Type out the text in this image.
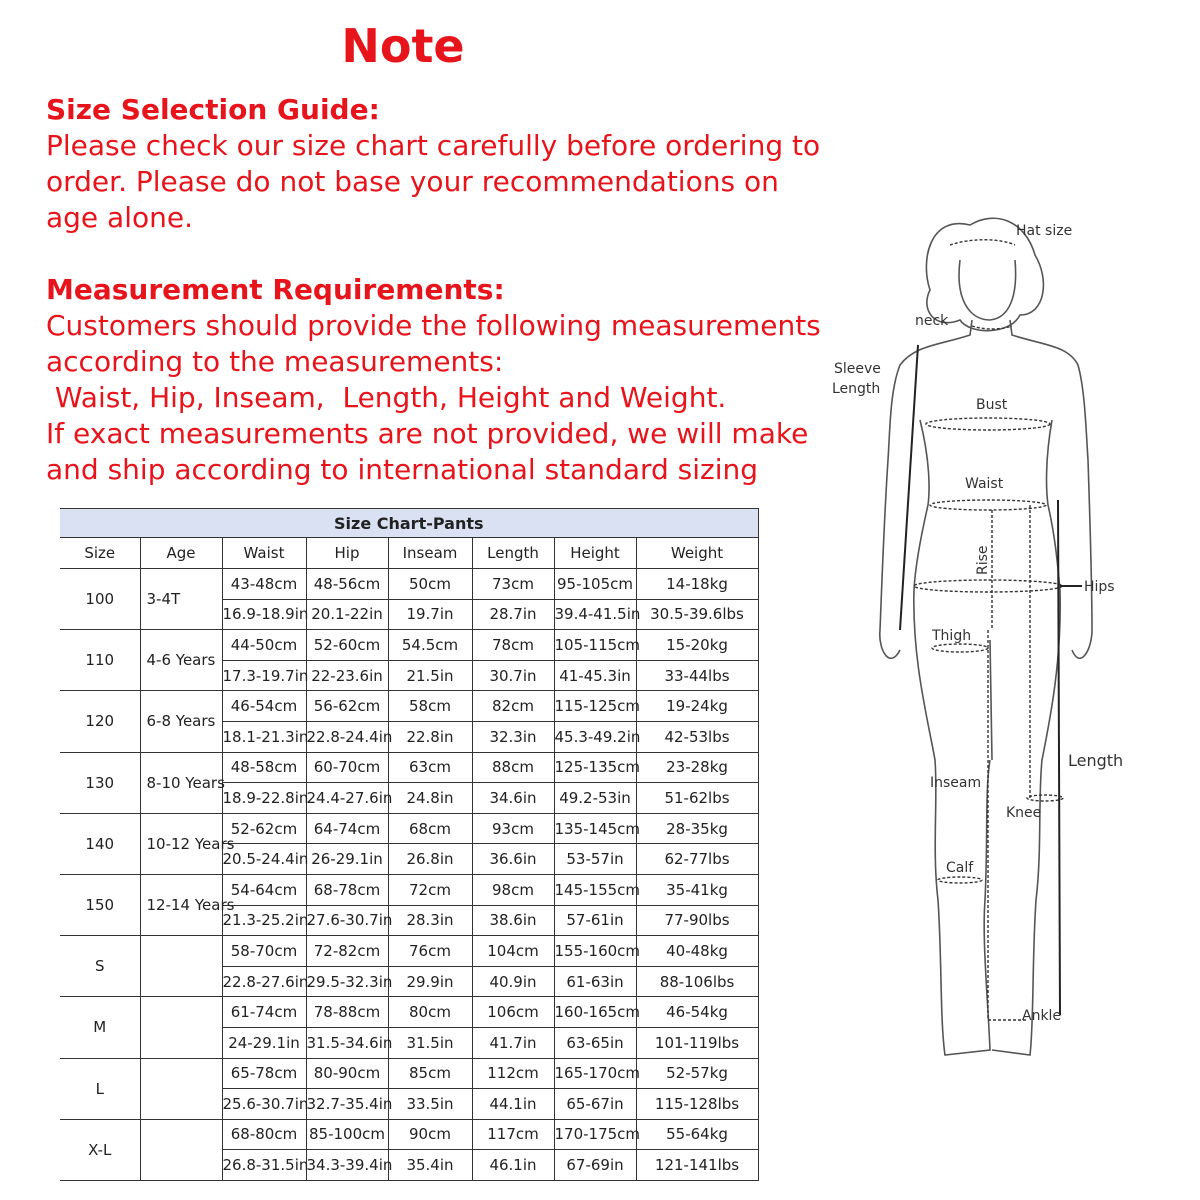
Note
Size Selection Guide:
Please check our size chart carefully before ordering to
order. Please do not base your recommendations on
age alone.
Measurement Requirements:
Customers should provide the following measurements
according to the measurements:
Waist, Hip, Inseam,  Length, Height and Weight.
If exact measurements are not provided, we will make
and ship according to international standard sizing
Size Chart-Pants							
Size	Age	Waist	Hip	Inseam	Length	Height	Weight
100	3-4T	43-48cm	48-56cm	50cm	73cm	95-105cm	14-18kg
		16.9-18.9in	20.1-22in	19.7in	28.7in	39.4-41.5in	30.5-39.6lbs
110	4-6 Years	44-50cm	52-60cm	54.5cm	78cm	105-115cm	15-20kg
		17.3-19.7in	22-23.6in	21.5in	30.7in	41-45.3in	33-44lbs
120	6-8 Years	46-54cm	56-62cm	58cm	82cm	115-125cm	19-24kg
		18.1-21.3in	22.8-24.4in	22.8in	32.3in	45.3-49.2in	42-53lbs
130	8-10 Years	48-58cm	60-70cm	63cm	88cm	125-135cm	23-28kg
		18.9-22.8in	24.4-27.6in	24.8in	34.6in	49.2-53in	51-62lbs
140	10-12 Years	52-62cm	64-74cm	68cm	93cm	135-145cm	28-35kg
		20.5-24.4in	26-29.1in	26.8in	36.6in	53-57in	62-77lbs
150	12-14 Years	54-64cm	68-78cm	72cm	98cm	145-155cm	35-41kg
		21.3-25.2in	27.6-30.7in	28.3in	38.6in	57-61in	77-90lbs
S		58-70cm	72-82cm	76cm	104cm	155-160cm	40-48kg
		22.8-27.6in	29.5-32.3in	29.9in	40.9in	61-63in	88-106lbs
M		61-74cm	78-88cm	80cm	106cm	160-165cm	46-54kg
		24-29.1in	31.5-34.6in	31.5in	41.7in	63-65in	101-119lbs
L		65-78cm	80-90cm	85cm	112cm	165-170cm	52-57kg
		25.6-30.7in	32.7-35.4in	33.5in	44.1in	65-67in	115-128lbs
X-L		68-80cm	85-100cm	90cm	117cm	170-175cm	55-64kg
		26.8-31.5in	34.3-39.4in	35.4in	46.1in	67-69in	121-141lbs
Hat size
neck
Sleeve
Length
Bust
Waist
Rise
Hips
Thigh
Length
Inseam
Knee
Calf
Ankle
